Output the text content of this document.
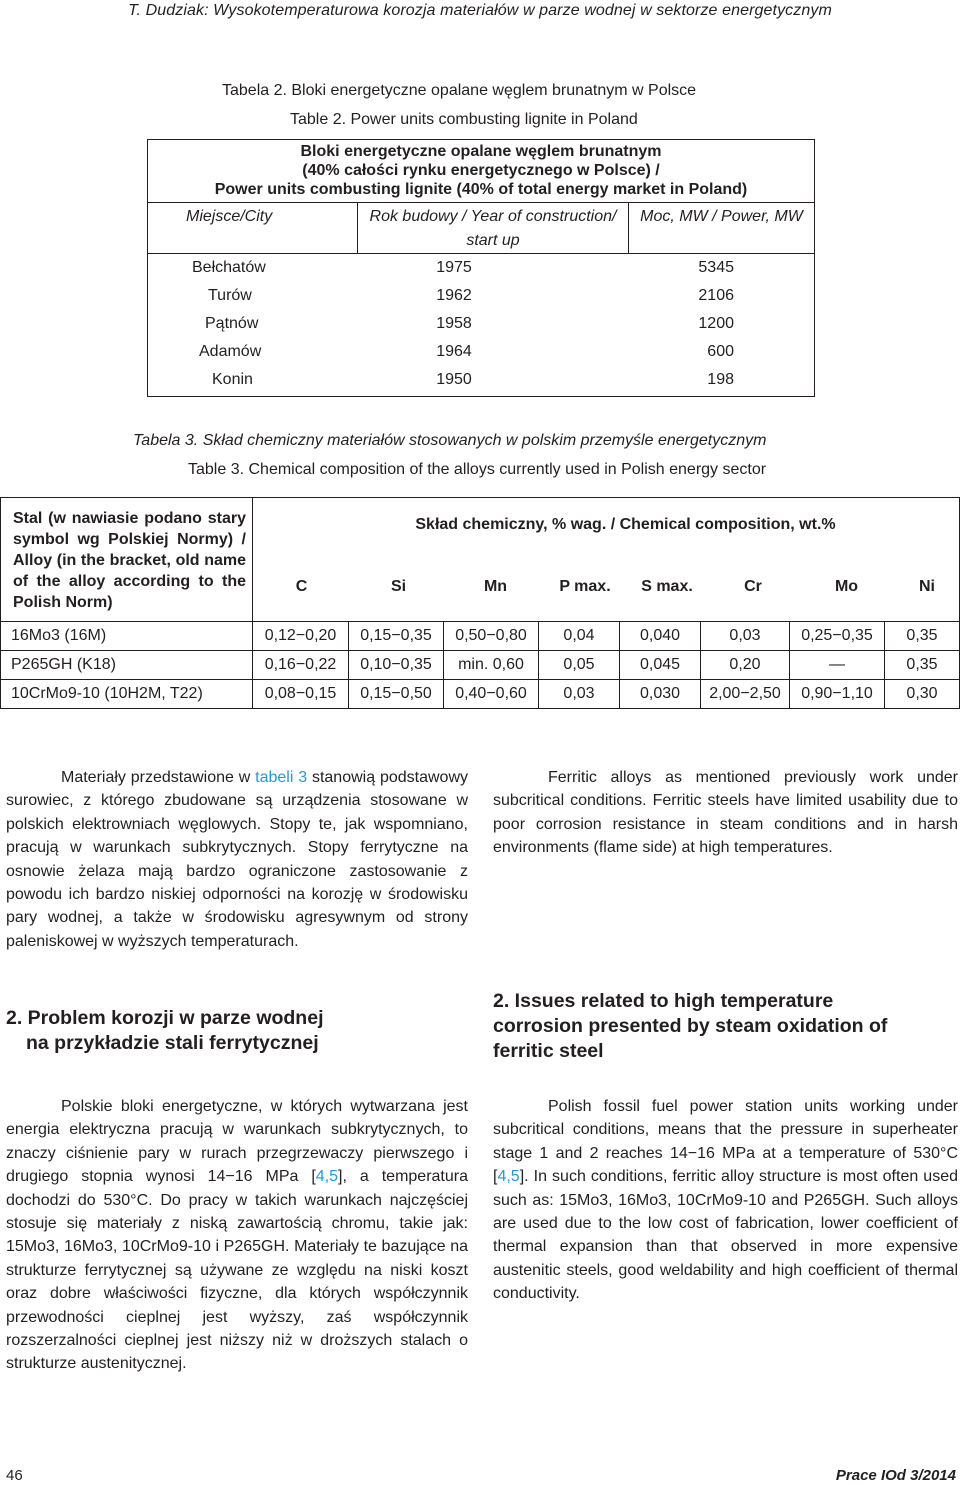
T. Dudziak: Wysokotemperaturowa korozja materiałów w parze wodnej w sektorze energetycznym
Tabela 2. Bloki energetyczne opalane węglem brunatnym w Polsce
Table 2. Power units combusting lignite in Poland
Bloki energetyczne opalane węglem brunatnym
(40% całości rynku energetycznego w Polsce) /
Power units combusting lignite (40% of total energy market in Poland)

Miejsce/City	Rok budowy / Year of construction/
start up
	Moc, MW / Power, MW

Bełchatów	1975	5345
Turów	1962	2106
Pątnów	1958	1200
Adamów	1964	600
Konin	1950	198
Tabela 3. Skład chemiczny materiałów stosowanych w polskim przemyśle energetycznym
Table 3. Chemical composition of the alloys currently used in Polish energy sector
Stal (w nawiasie podano stary symbol wg Polskiej Normy) / Alloy (in the bracket, old name of the alloy according to the Polish Norm)	Skład chemiczny, % wag. / Chemical composition, wt.%

C	Si	Mn	P max.	S max.	Cr	Mo	Ni

16Mo3 (16M)	0,12−0,20	0,15−0,35	0,50−0,80	0,04	0,040	0,03	0,25−0,35	0,35
P265GH (K18)	0,16−0,22	0,10−0,35	min. 0,60	0,05	0,045	0,20	—	0,35
10CrMo9-10 (10H2M, T22)	0,08−0,15	0,15−0,50	0,40−0,60	0,03	0,030	2,00−2,50	0,90−1,10	0,30

Materiały przedstawione w tabeli 3 stanowią podstawowy surowiec, z którego zbudowane są urządzenia stosowane w polskich elektrowniach węglowych. Stopy te, jak wspomniano, pracują w warunkach subkrytycznych. Stopy ferrytyczne na osnowie żelaza mają bardzo ograniczone zastosowanie z powodu ich bardzo niskiej odporności na korozję w środowisku pary wodnej, a także w środowisku agresywnym od strony paleniskowej w wyższych temperaturach.

2. Problem korozji w parze wodnej
na przykładzie stali ferrytycznej

Polskie bloki energetyczne, w których wytwarzana jest energia elektryczna pracują w warunkach subkrytycznych, to znaczy ciśnienie pary w rurach przegrzewaczy pierwszego i drugiego stopnia wynosi 14−16 MPa [4,5], a temperatura dochodzi do 530°C. Do pracy w takich warunkach najczęściej stosuje się materiały z niską zawartością chromu, takie jak: 15Mo3, 16Mo3, 10CrMo9-10 i P265GH. Materiały te bazujące na strukturze ferrytycznej są używane ze względu na niski koszt oraz dobre właściwości fizyczne, dla których współczynnik przewodności cieplnej jest wyższy, zaś współczynnik rozszerzalności cieplnej jest niższy niż w droższych stalach o strukturze austenitycznej.

Ferritic alloys as mentioned previously work under subcritical conditions. Ferritic steels have limited usability due to poor corrosion resistance in steam conditions and in harsh environments (flame side) at high temperatures.

2. Issues related to high temperature
corrosion presented by steam oxidation of
ferritic steel

Polish fossil fuel power station units working under subcritical conditions, means that the pressure in superheater stage 1 and 2 reaches 14−16 MPa at a temperature of 530°C [4,5]. In such conditions, ferritic alloy structure is most often used such as: 15Mo3, 16Mo3, 10CrMo9-10 and P265GH. Such alloys are used due to the low cost of fabrication, lower coefficient of thermal expansion than that observed in more expensive austenitic steels, good weldability and high coefficient of thermal conductivity.

46	Prace IOd 3/2014
